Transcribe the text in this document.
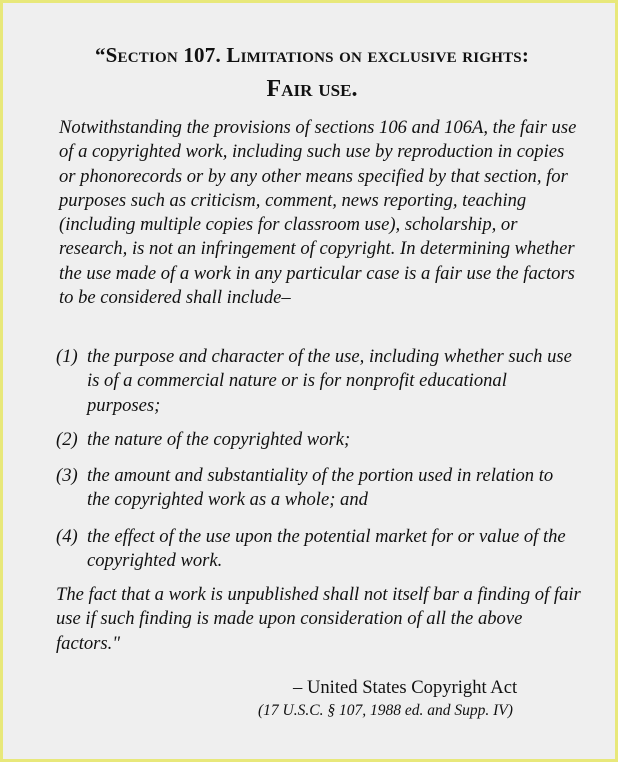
“Section 107. Limitations on exclusive rights:
Fair use.

Notwithstanding the provisions of sections 106 and 106A, the fair use of a copyrighted work, including such use by reproduction in copies or phonorecords or by any other means specified by that section, for purposes such as criticism, comment, news reporting, teaching (including multiple copies for classroom use), scholarship, or research, is not an infringement of copyright. In determining whether the use made of a work in any particular case is a fair use the factors to be considered shall include–

(1) the purpose and character of the use, including whether such use is of a commercial nature or is for nonprofit educational purposes;
(2) the nature of the copyrighted work;
(3) the amount and substantiality of the portion used in relation to the copyrighted work as a whole; and
(4) the effect of the use upon the potential market for or value of the copyrighted work.

The fact that a work is unpublished shall not itself bar a finding of fair use if such finding is made upon consideration of all the above factors."

– United States Copyright Act

(17 U.S.C. § 107, 1988 ed. and Supp. IV)
